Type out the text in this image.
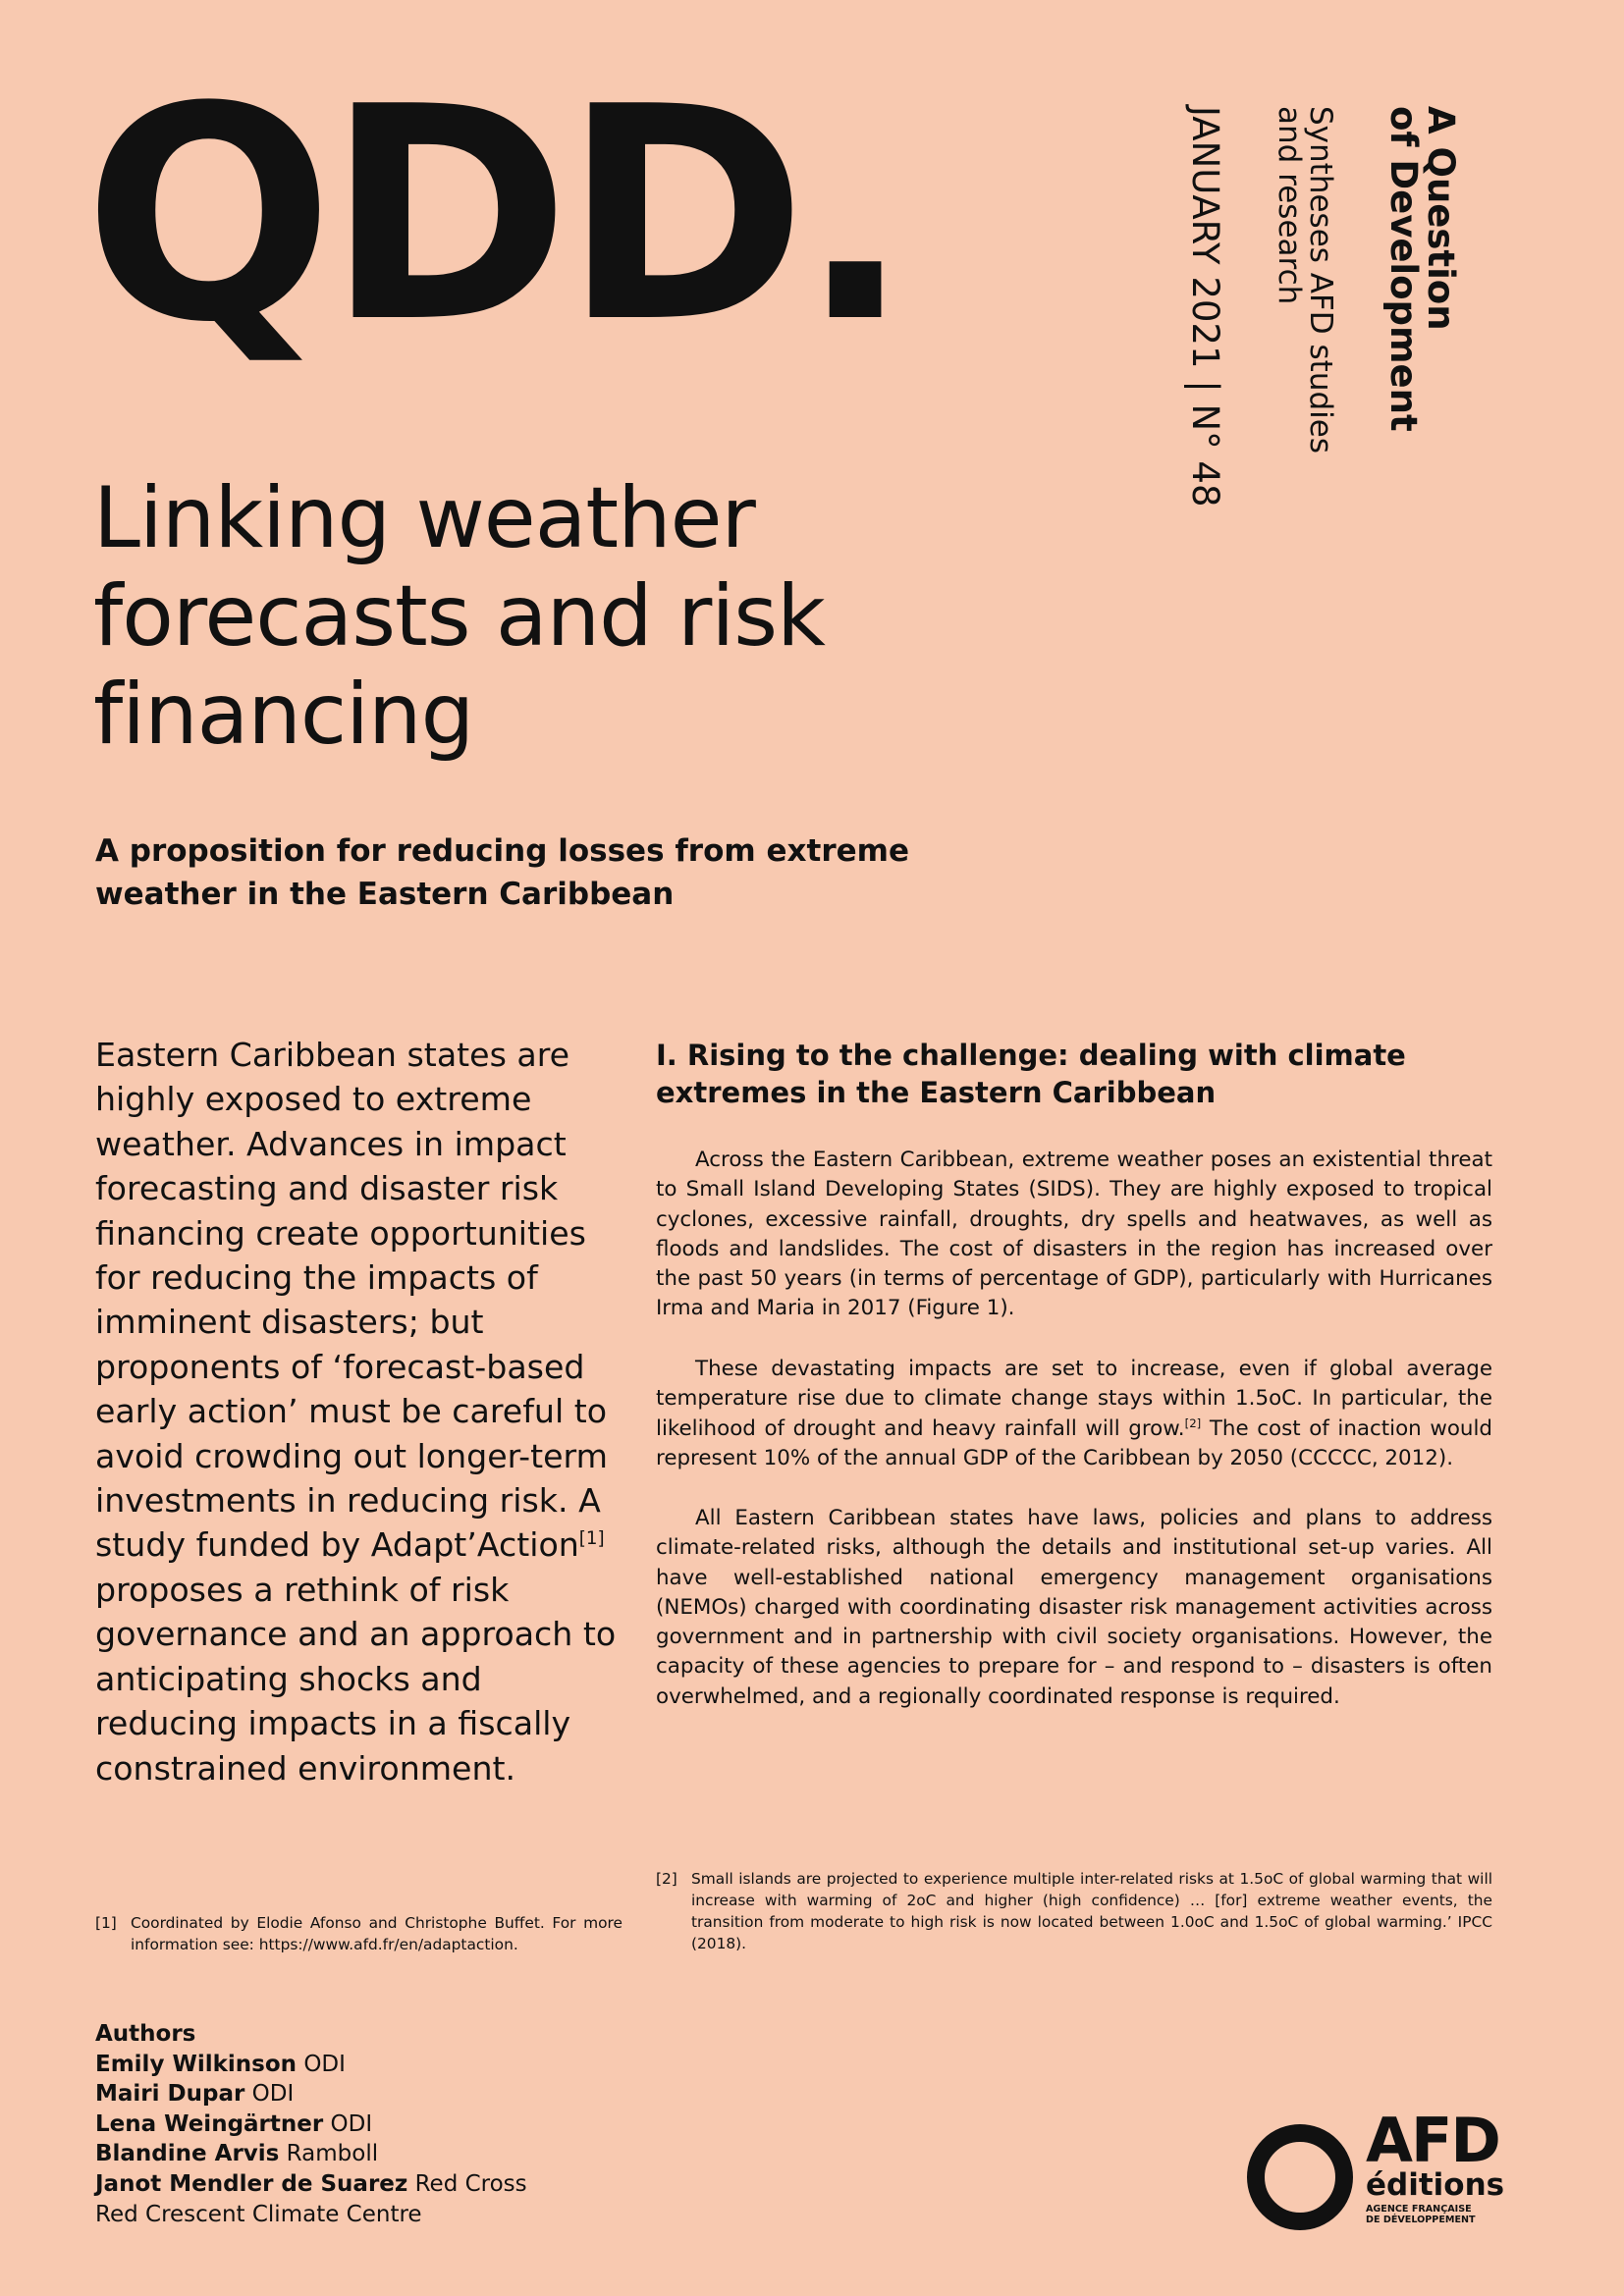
QDD.	A Question
of Development
Syntheses AFD studies
and research
JANUARY 2021 | N° 48
Linking weather
forecasts and risk
financing
A proposition for reducing losses from extreme
weather in the Eastern Caribbean
Eastern Caribbean states are highly exposed to extreme weather. Advances in impact forecasting and disaster risk financing create opportunities for reducing the impacts of imminent disasters; but proponents of ‘forecast-based early action’ must be careful to avoid crowding out longer-term investments in reducing risk. A study funded by Adapt’Action[1] proposes a rethink of risk governance and an approach to anticipating shocks and reducing impacts in a fiscally constrained environment.
I. Rising to the challenge: dealing with climate
extremes in the Eastern Caribbean
Across the Eastern Caribbean, extreme weather poses an existential threat to Small Island Developing States (SIDS). They are highly exposed to tropical cyclones, excessive rainfall, droughts, dry spells and heatwaves, as well as floods and landslides. The cost of disasters in the region has increased over the past 50 years (in terms of percentage of GDP), particularly with Hurricanes Irma and Maria in 2017 (Figure 1).
These devastating impacts are set to increase, even if global average temperature rise due to climate change stays within 1.5oC. In particular, the likelihood of drought and heavy rainfall will grow.[2] The cost of inaction would represent 10% of the annual GDP of the Caribbean by 2050 (CCCCC, 2012).
All Eastern Caribbean states have laws, policies and plans to address climate-related risks, although the details and institutional set-up varies. All have well-established national emergency management organisations (NEMOs) charged with coordinating disaster risk management activities across government and in partnership with civil society organisations. However, the capacity of these agencies to prepare for – and respond to – disasters is often overwhelmed, and a regionally coordinated response is required.
[2] Small islands are projected to experience multiple inter-related risks at 1.5oC of global warming that will increase with warming of 2oC and higher (high confidence) … [for] extreme weather events, the transition from moderate to high risk is now located between 1.0oC and 1.5oC of global warming.’ IPCC (2018).
[1] Coordinated by Elodie Afonso and Christophe Buffet. For more information see: https://www.afd.fr/en/adaptaction.
Authors
Emily Wilkinson ODI
Mairi Dupar ODI
Lena Weingärtner ODI
Blandine Arvis Ramboll
Janot Mendler de Suarez Red Cross
Red Crescent Climate Centre
AFD
éditions
AGENCE FRANÇAISE
DE DÉVELOPPEMENT
